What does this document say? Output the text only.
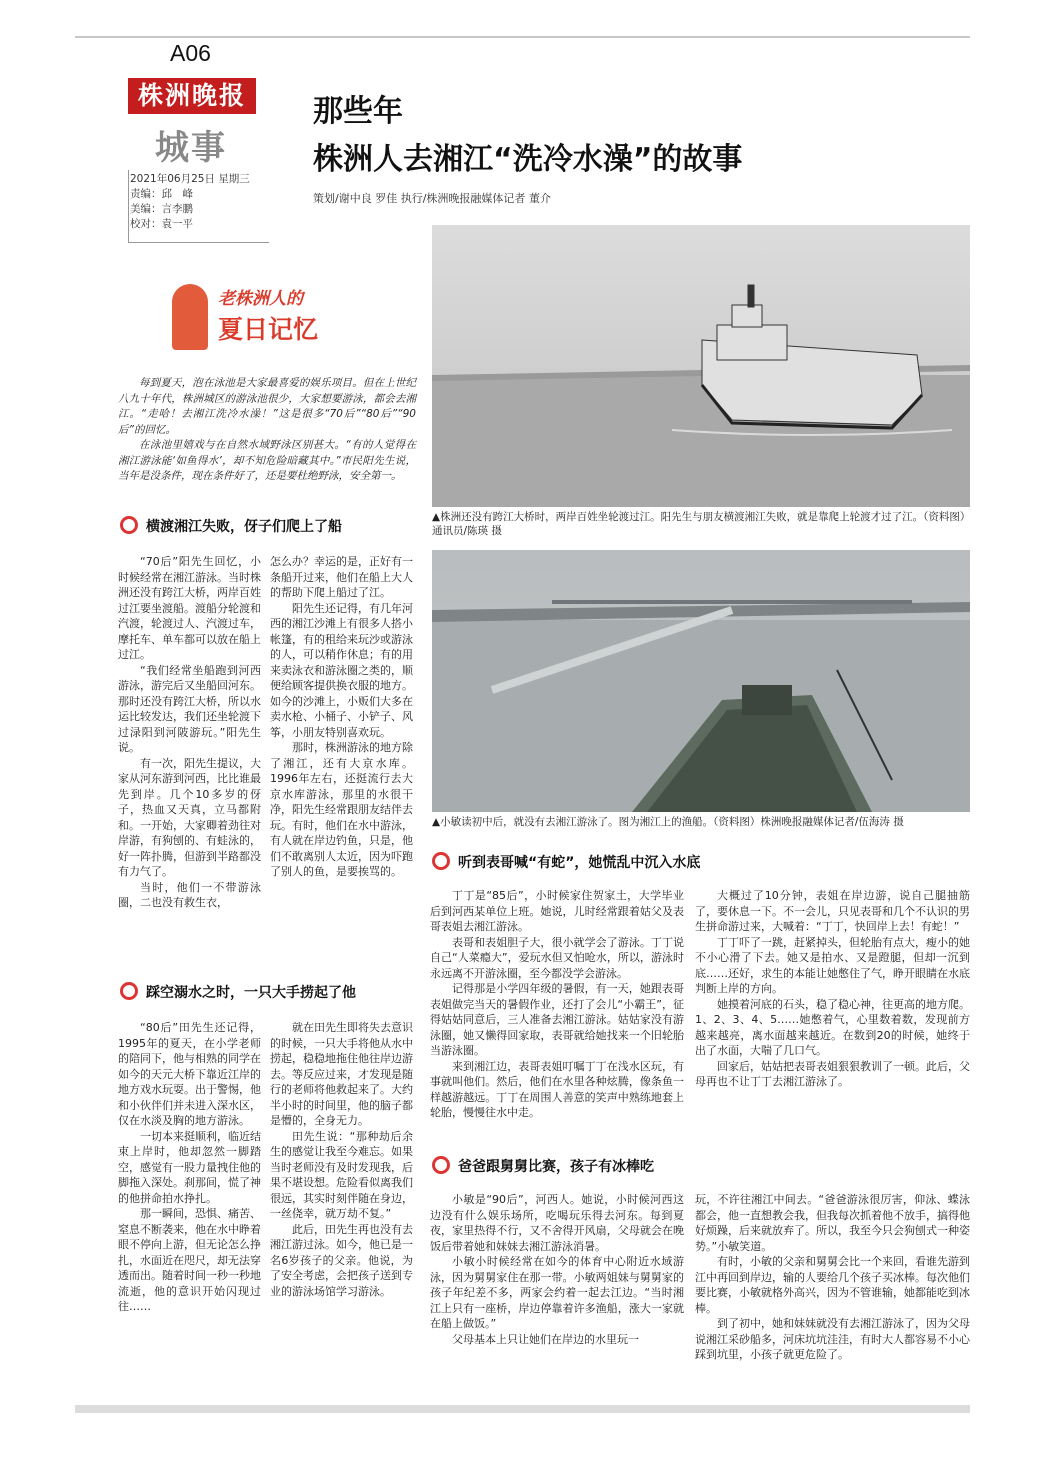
A06
株洲晚报
城事
2021年06月25日 星期三
责编：邱　峰
美编：言李鹏
校对：袁一平
那些年
株洲人去湘江“洗冷水澡”的故事
策划/谢中良 罗佳 执行/株洲晚报融媒体记者 董介
老株洲人的
夏日记忆

每到夏天，泡在泳池是大家最喜爱的娱乐项目。但在上世纪八九十年代，株洲城区的游泳池很少，大家想要游泳，都会去湘江。“走哈！去湘江洗冷水澡！”这是很多“70后”“80后”“90后”的回忆。

在泳池里嬉戏与在自然水域野泳区别甚大。“有的人觉得在湘江游泳能‘如鱼得水’，却不知危险暗藏其中。”市民阳先生说，当年是没条件，现在条件好了，还是要杜绝野泳，安全第一。

▲株洲还没有跨江大桥时，两岸百姓坐轮渡过江。阳先生与朋友横渡湘江失败，就是靠爬上轮渡才过了江。（资料图）通讯员/陈瑛 摄
▲小敏读初中后，就没有去湘江游泳了。图为湘江上的渔船。（资料图）株洲晚报融媒体记者/伍海涛 摄
横渡湘江失败，伢子们爬上了船

“70后”阳先生回忆，小时候经常在湘江游泳。当时株洲还没有跨江大桥，两岸百姓过江要坐渡船。渡船分轮渡和汽渡，轮渡过人、汽渡过车，摩托车、单车都可以放在船上过江。

“我们经常坐船跑到河西游泳，游完后又坐船回河东。那时还没有跨江大桥，所以水运比较发达，我们还坐轮渡下过渌阳到河陂游玩。”阳先生说。

有一次，阳先生提议，大家从河东游到河西，比比谁最先到岸。几个10多岁的伢子，热血又天真，立马都附和。一开始，大家卿着劲往对岸游，有狗刨的、有蛙泳的，好一阵扑腾，但游到半路都没有力气了。

当时，他们一不带游泳圈，二也没有救生衣，

怎么办？幸运的是，正好有一条船开过来，他们在船上大人的帮助下爬上船过了江。

阳先生还记得，有几年河西的湘江沙滩上有很多人搭小帐篷，有的租给来玩沙或游泳的人，可以稍作休息；有的用来卖泳衣和游泳圈之类的，顺便给顾客提供换衣服的地方。如今的沙滩上，小贩们大多在卖水枪、小桶子、小铲子、风筝，小朋友特别喜欢玩。

那时，株洲游泳的地方除了湘江，还有大京水库。1996年左右，还挺流行去大京水库游泳，那里的水很干净，阳先生经常跟朋友结伴去玩。有时，他们在水中游泳，有人就在岸边钓鱼，只是，他们不敢离别人太近，因为吓跑了别人的鱼，是要挨骂的。

踩空溺水之时，一只大手捞起了他

“80后”田先生还记得，1995年的夏天，在小学老师的陪同下，他与相熟的同学在如今的天元大桥下靠近江岸的地方戏水玩耍。出于警惕，他和小伙伴们并未进入深水区，仅在水淡及胸的地方游泳。

一切本来挺顺利，临近结束上岸时，他却忽然一脚踏空，感觉有一股力量拽住他的脚拖入深处。刹那间，慌了神的他拼命拍水挣扎。

那一瞬间，恐惧、痛苦、窒息不断袭来，他在水中睁着眼不停向上游，但无论怎么挣扎，水面近在咫尺，却无法穿透而出。随着时间一秒一秒地流逝，他的意识开始闪现过往……

就在田先生即将失去意识的时候，一只大手将他从水中捞起，稳稳地拖住他往岸边游去。等反应过来，才发现是随行的老师将他救起来了。大约半小时的时间里，他的脑子都是懵的，全身无力。

田先生说：“那种劫后余生的感觉让我至今难忘。如果当时老师没有及时发现我，后果不堪设想。危险看似离我们很远，其实时刻伴随在身边，一丝侥幸，就万劫不复。”

此后，田先生再也没有去湘江游过泳。如今，他已是一名6岁孩子的父亲。他说，为了安全考虑，会把孩子送到专业的游泳场馆学习游泳。

听到表哥喊“有蛇”，她慌乱中沉入水底

丁丁是“85后”，小时候家住贺家土，大学毕业后到河西某单位上班。她说，儿时经常跟着姑父及表哥表姐去湘江游泳。

表哥和表姐胆子大，很小就学会了游泳。丁丁说自己“人菜瘾大”，爱玩水但又怕呛水，所以，游泳时永远离不开游泳圈，至今都没学会游泳。

记得那是小学四年级的暑假，有一天，她跟表哥表姐做完当天的暑假作业，还打了会儿“小霸王”，征得姑姑同意后，三人准备去湘江游泳。姑姑家没有游泳圈，她又懒得回家取，表哥就给她找来一个旧轮胎当游泳圈。

来到湘江边，表哥表姐叮嘱丁丁在浅水区玩，有事就叫他们。然后，他们在水里各种炫腾，像条鱼一样越游越远。丁丁在周围人善意的笑声中熟练地套上轮胎，慢慢往水中走。

大概过了10分钟，表姐在岸边游，说自己腿抽筋了，要休息一下。不一会儿，只见表哥和几个不认识的男生拼命游过来，大喊着：“丁丁，快回岸上去！有蛇！”

丁丁吓了一跳，赶紧掉头，但轮胎有点大，瘦小的她不小心滑了下去。她又是拍水、又是蹬腿，但却一沉到底……还好，求生的本能让她憋住了气，睁开眼睛在水底判断上岸的方向。

她摸着河底的石头，稳了稳心神，往更高的地方爬。1、2、3、4、5……她憋着气，心里数着数，发现前方越来越亮，离水面越来越近。在数到20的时候，她终于出了水面，大喘了几口气。

回家后，姑姑把表哥表姐狠狠教训了一顿。此后，父母再也不让丁丁去湘江游泳了。

爸爸跟舅舅比赛，孩子有冰棒吃

小敏是“90后”，河西人。她说，小时候河西这边没有什么娱乐场所，吃喝玩乐得去河东。每到夏夜，家里热得不行，又不舍得开风扇，父母就会在晚饭后带着她和妹妹去湘江游泳消暑。

小敏小时候经常在如今的体育中心附近水域游泳，因为舅舅家住在那一带。小敏两姐妹与舅舅家的孩子年纪差不多，两家会约着一起去江边。“当时湘江上只有一座桥，岸边停靠着许多渔船，涨大一家就在船上做饭。”

父母基本上只让她们在岸边的水里玩一

玩，不许往湘江中间去。“爸爸游泳很厉害，仰泳、蝶泳都会，他一直想教会我，但我每次抓着他不放手，搞得他好烦躁，后来就放弃了。所以，我至今只会狗刨式一种姿势。”小敏笑道。

有时，小敏的父亲和舅舅会比一个来回，看谁先游到江中再回到岸边，输的人要给几个孩子买冰棒。每次他们要比赛，小敏就格外高兴，因为不管谁输，她都能吃到冰棒。

到了初中，她和妹妹就没有去湘江游泳了，因为父母说湘江采砂船多，河床坑坑洼洼，有时大人都容易不小心踩到坑里，小孩子就更危险了。
